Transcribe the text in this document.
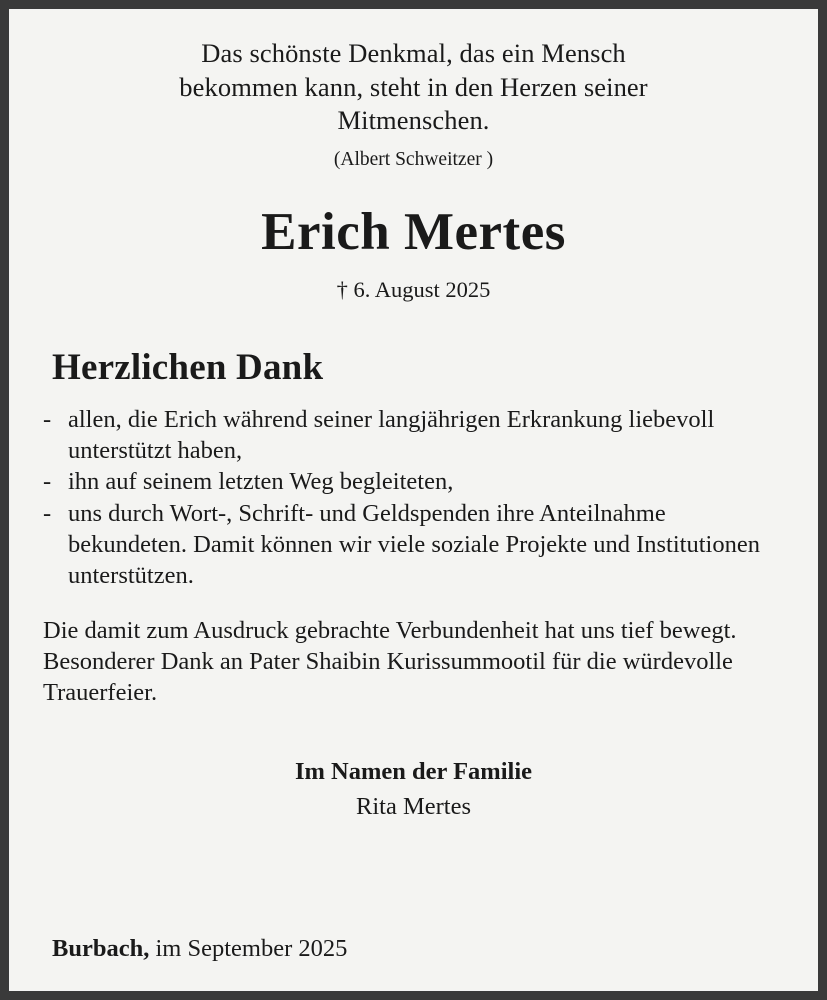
Das schönste Denkmal, das ein Mensch bekommen kann, steht in den Herzen seiner Mitmenschen.
(Albert Schweitzer )
Erich Mertes
† 6. August 2025
Herzlichen Dank
- allen, die Erich während seiner langjährigen Erkrankung liebevoll unterstützt haben,
- ihn auf seinem letzten Weg begleiteten,
- uns durch Wort-, Schrift- und Geldspenden ihre Anteilnahme bekundeten. Damit können wir viele soziale Projekte und Institutionen unterstützen.

Die damit zum Ausdruck gebrachte Verbundenheit hat uns tief bewegt.

Besonderer Dank an Pater Shaibin Kurissummootil für die würdevolle Trauerfeier.

Im Namen der Familie
Rita Mertes
Burbach, im September 2025
